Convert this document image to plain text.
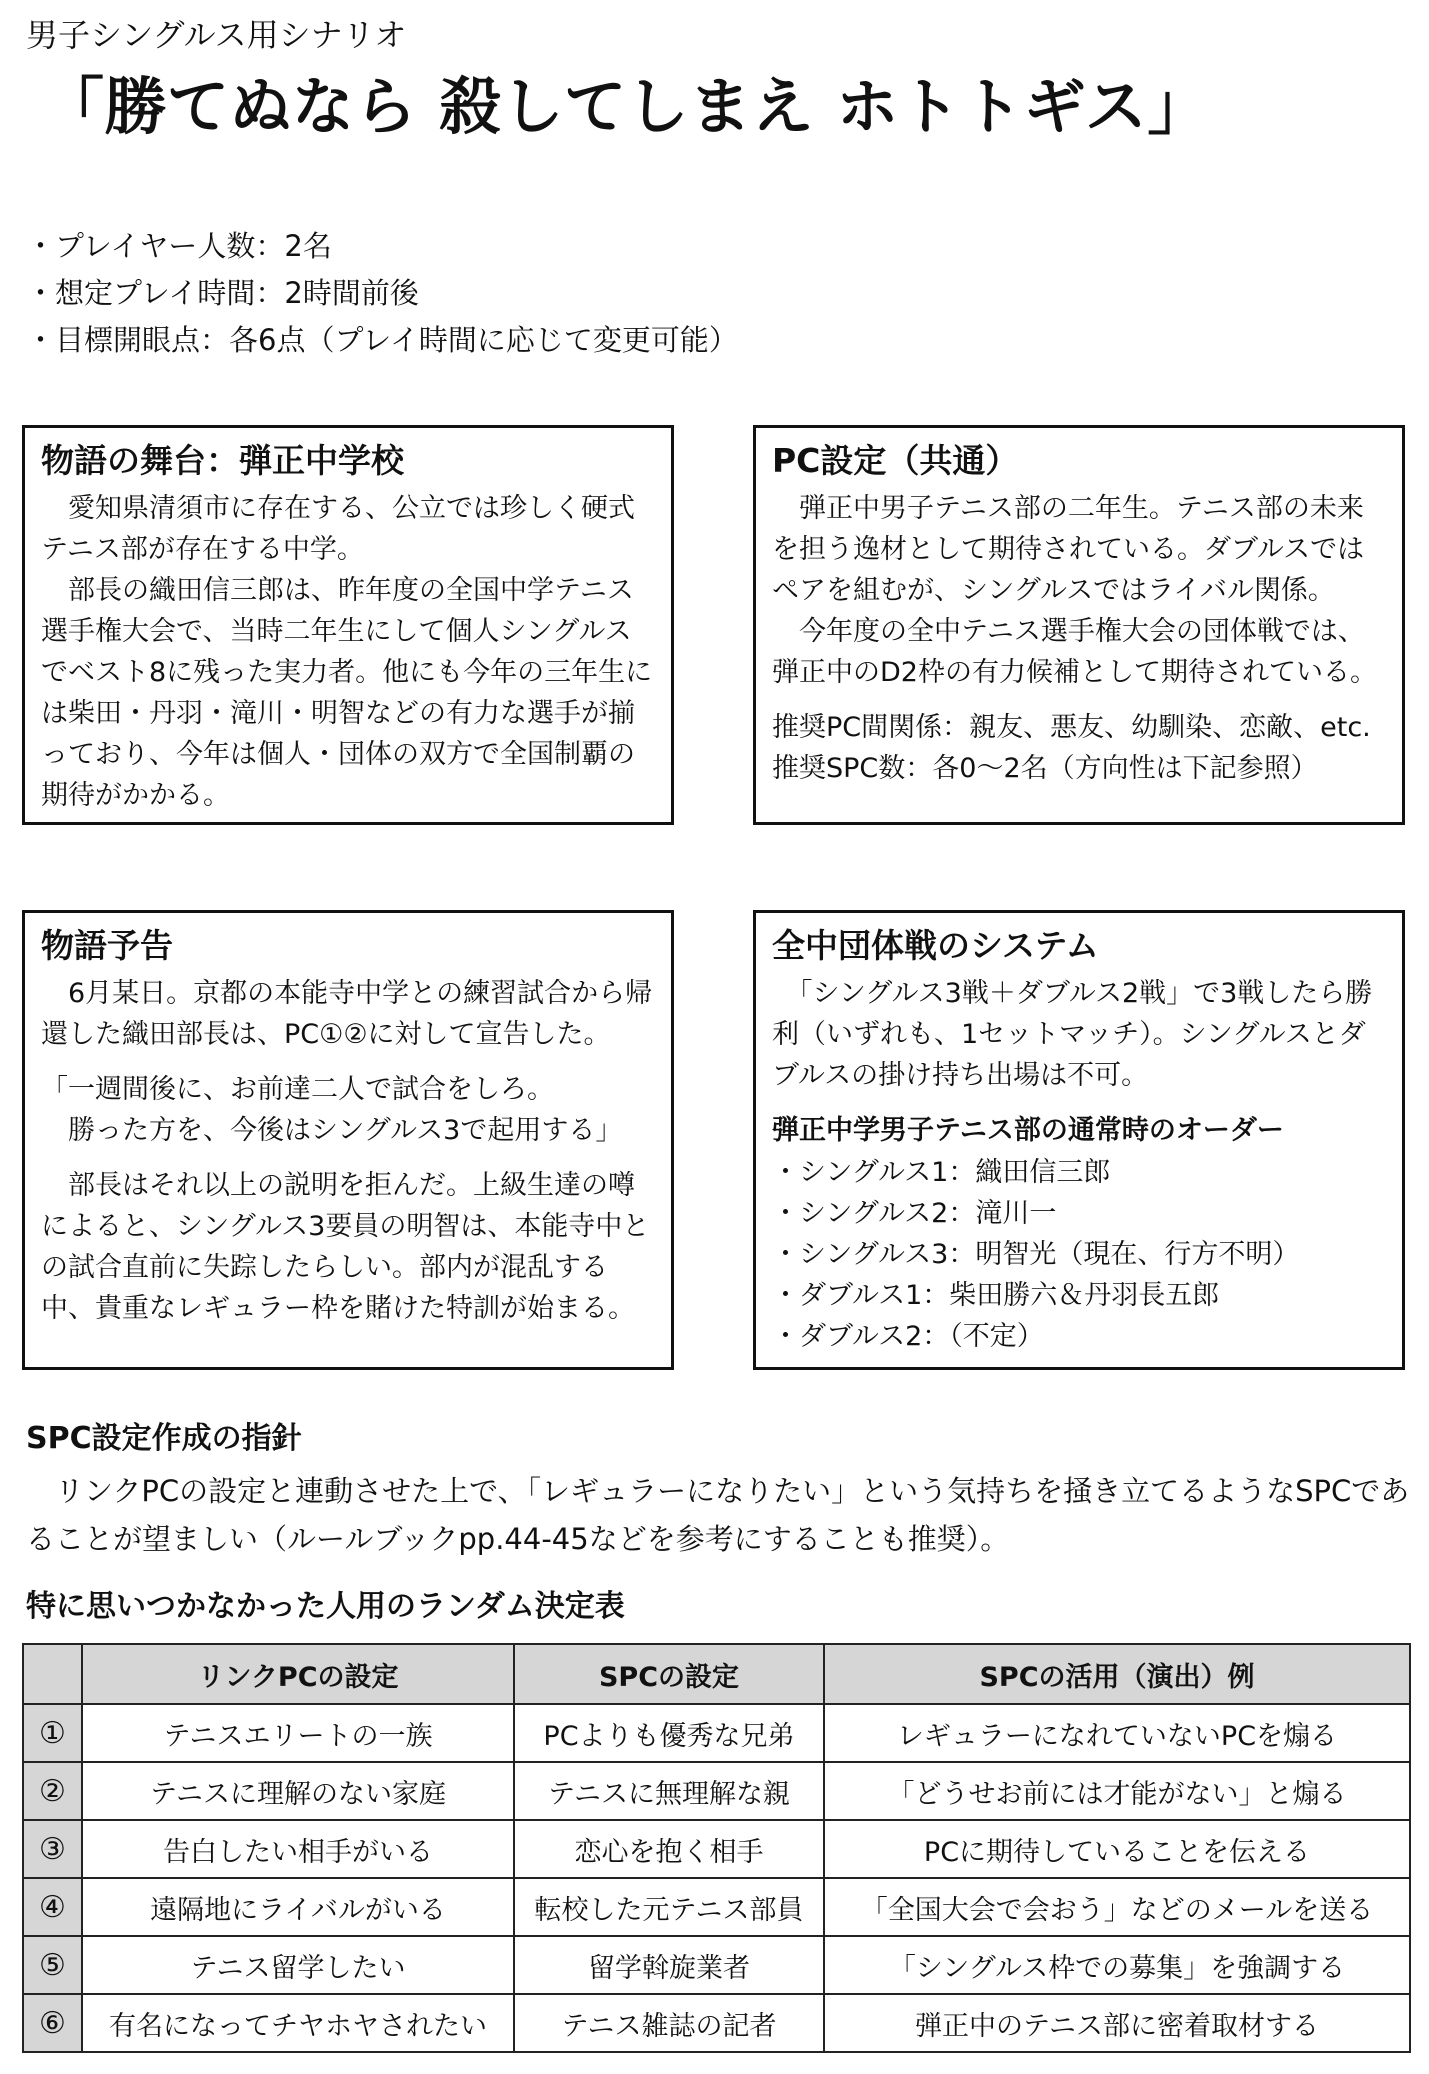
男子シングルス用シナリオ
「勝てぬなら 殺してしまえ ホトトギス」
・プレイヤー人数：2名
・想定プレイ時間：2時間前後
・目標開眼点：各6点（プレイ時間に応じて変更可能）
物語の舞台：弾正中学校

　愛知県清須市に存在する、公立では珍しく硬式テニス部が存在する中学。

　部長の織田信三郎は、昨年度の全国中学テニス選手権大会で、当時二年生にして個人シングルスでベスト8に残った実力者。他にも今年の三年生には柴田・丹羽・滝川・明智などの有力な選手が揃っており、今年は個人・団体の双方で全国制覇の期待がかかる。

PC設定（共通）

　弾正中男子テニス部の二年生。テニス部の未来を担う逸材として期待されている。ダブルスではペアを組むが、シングルスではライバル関係。

　今年度の全中テニス選手権大会の団体戦では、弾正中のD2枠の有力候補として期待されている。

推奨PC間関係：親友、悪友、幼馴染、恋敵、etc.

推奨SPC数：各0〜2名（方向性は下記参照）

物語予告

　6月某日。京都の本能寺中学との練習試合から帰還した織田部長は、PC①②に対して宣告した。

「一週間後に、お前達二人で試合をしろ。

　勝った方を、今後はシングルス3で起用する」

　部長はそれ以上の説明を拒んだ。上級生達の噂によると、シングルス3要員の明智は、本能寺中との試合直前に失踪したらしい。部内が混乱する中、貴重なレギュラー枠を賭けた特訓が始まる。

全中団体戦のシステム

　「シングルス3戦＋ダブルス2戦」で3戦したら勝利（いずれも、1セットマッチ）。シングルスとダブルスの掛け持ち出場は不可。

弾正中学男子テニス部の通常時のオーダー
・シングルス1：織田信三郎
・シングルス2：滝川一
・シングルス3：明智光（現在、行方不明）
・ダブルス1：柴田勝六＆丹羽長五郎
・ダブルス2：（不定）
SPC設定作成の指針
　リンクPCの設定と連動させた上で、「レギュラーになりたい」という気持ちを掻き立てるようなSPCであることが望ましい（ルールブックpp.44-45などを参考にすることも推奨）。
特に思いつかなかった人用のランダム決定表
	リンクPCの設定	SPCの設定	SPCの活用（演出）例
①	テニスエリートの一族	PCよりも優秀な兄弟	レギュラーになれていないPCを煽る
②	テニスに理解のない家庭	テニスに無理解な親	「どうせお前には才能がない」と煽る
③	告白したい相手がいる	恋心を抱く相手	PCに期待していることを伝える
④	遠隔地にライバルがいる	転校した元テニス部員	「全国大会で会おう」などのメールを送る
⑤	テニス留学したい	留学斡旋業者	「シングルス枠での募集」を強調する
⑥	有名になってチヤホヤされたい	テニス雑誌の記者	弾正中のテニス部に密着取材する
